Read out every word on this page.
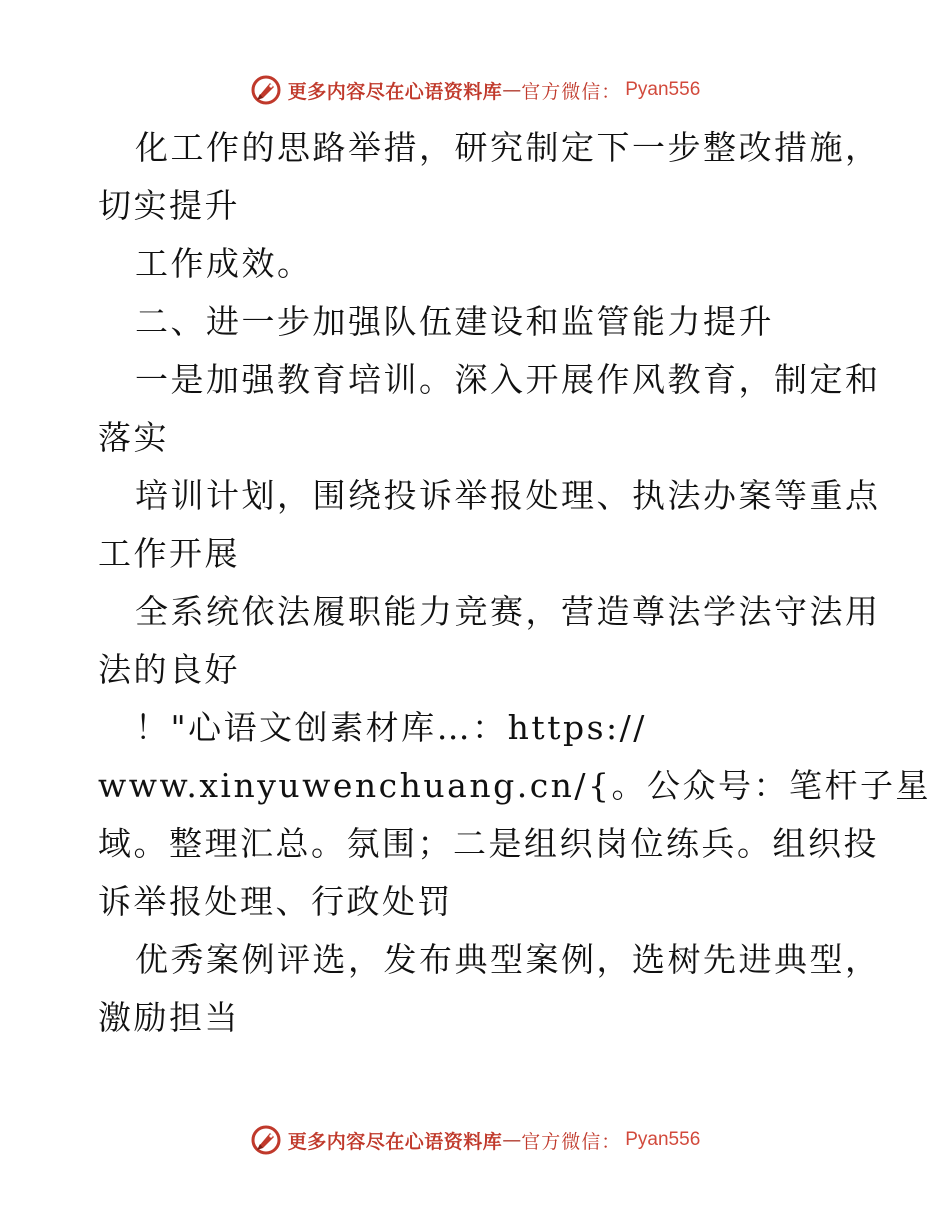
更多内容尽在心语资料库 — 官方微信： Pyan556
化工作的思路举措，研究制定下一步整改措施，
切实提升
工作成效。
二、进一步加强队伍建设和监管能力提升
一是加强教育培训。深入开展作风教育，制定和
落实
培训计划，围绕投诉举报处理、执法办案等重点
工作开展
全系统依法履职能力竞赛，营造尊法学法守法用
法的良好
！"心语文创素材库…：https://
www.xinyuwenchuang.cn/{。公众号：笔杆子星
域。整理汇总。氛围；二是组织岗位练兵。组织投
诉举报处理、行政处罚
优秀案例评选，发布典型案例，选树先进典型，
激励担当
更多内容尽在心语资料库 — 官方微信： Pyan556
